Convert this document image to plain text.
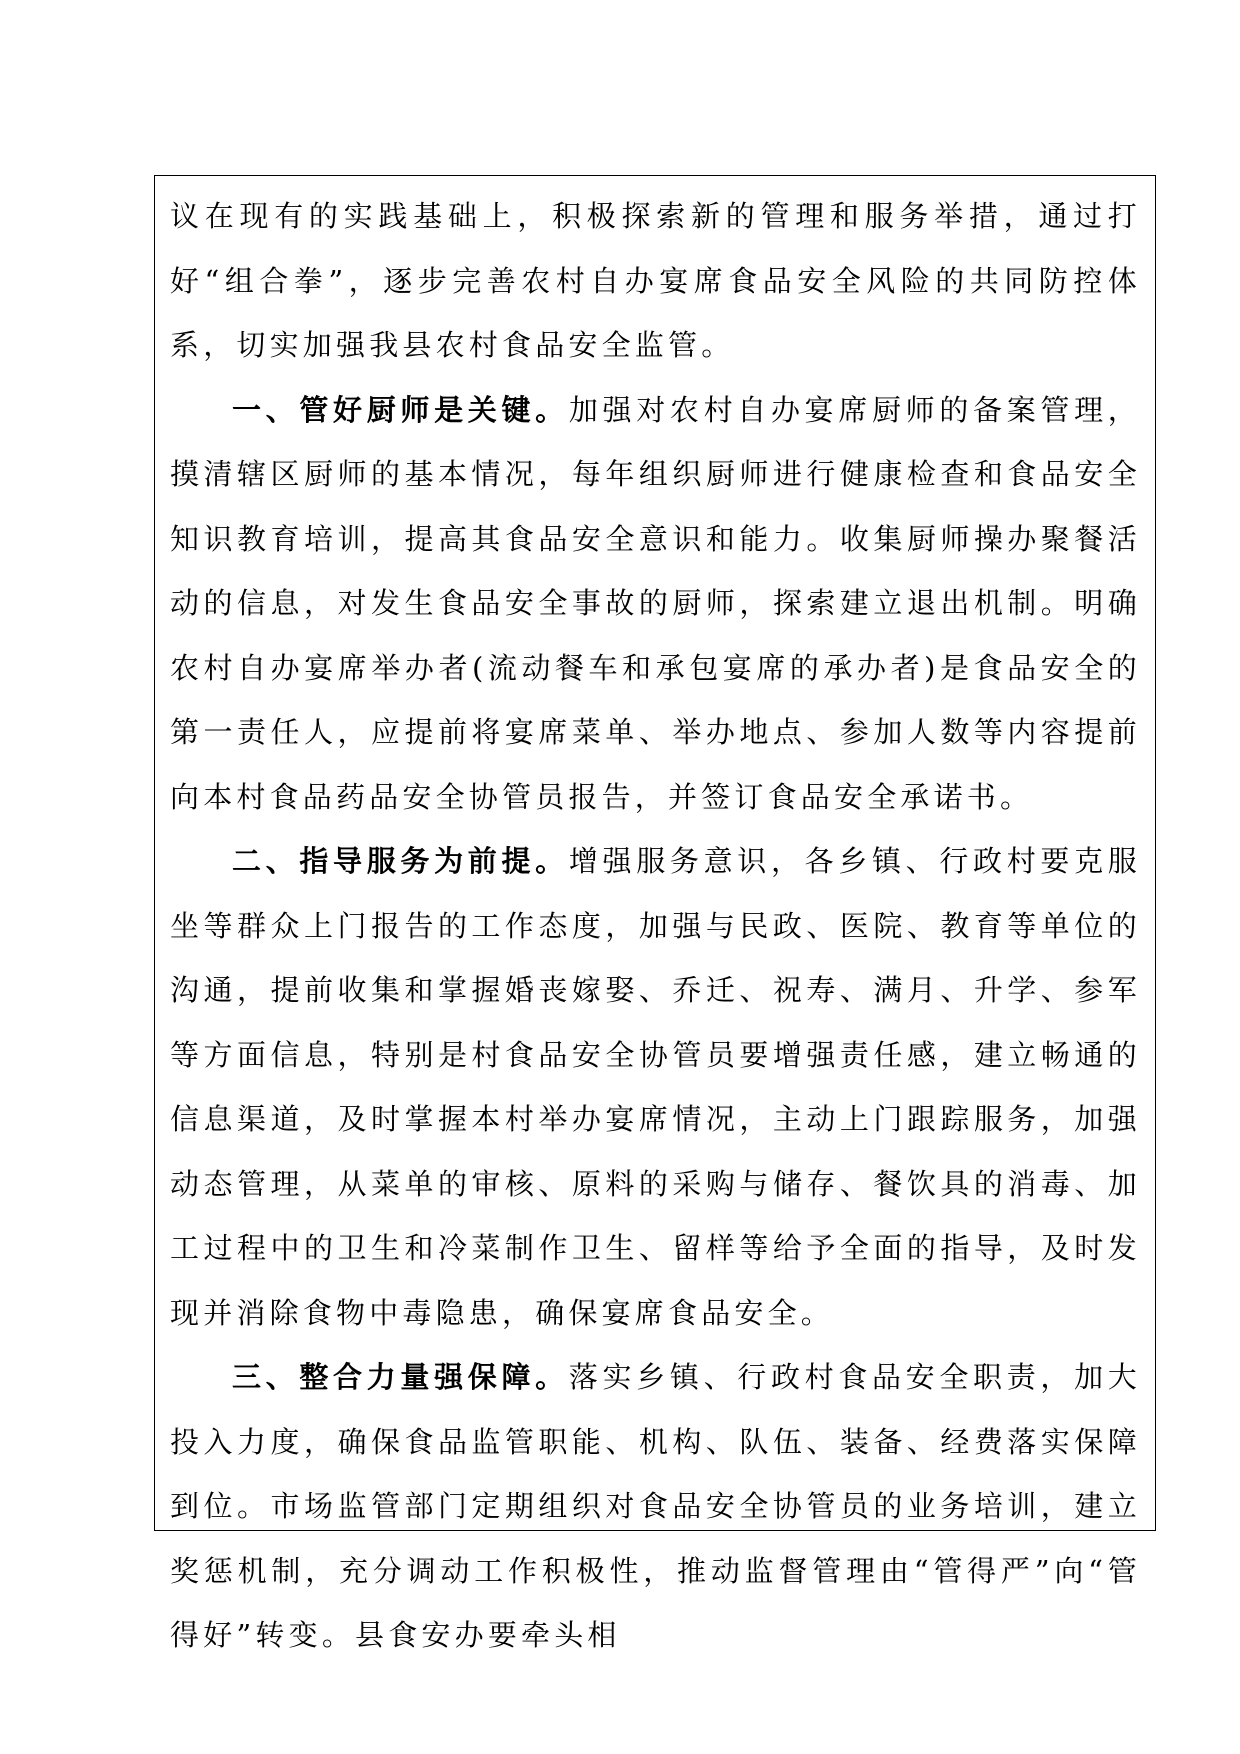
议在现有的实践基础上，积极探索新的管理和服务举措，通过打好“组合拳”，逐步完善农村自办宴席食品安全风险的共同防控体系，切实加强我县农村食品安全监管。

一、管好厨师是关键。加强对农村自办宴席厨师的备案管理，摸清辖区厨师的基本情况，每年组织厨师进行健康检查和食品安全知识教育培训，提高其食品安全意识和能力。收集厨师操办聚餐活动的信息，对发生食品安全事故的厨师，探索建立退出机制。明确农村自办宴席举办者(流动餐车和承包宴席的承办者)是食品安全的第一责任人，应提前将宴席菜单、举办地点、参加人数等内容提前向本村食品药品安全协管员报告，并签订食品安全承诺书。

二、指导服务为前提。增强服务意识，各乡镇、行政村要克服坐等群众上门报告的工作态度，加强与民政、医院、教育等单位的沟通，提前收集和掌握婚丧嫁娶、乔迁、祝寿、满月、升学、参军等方面信息，特别是村食品安全协管员要增强责任感，建立畅通的信息渠道，及时掌握本村举办宴席情况，主动上门跟踪服务，加强动态管理，从菜单的审核、原料的采购与储存、餐饮具的消毒、加工过程中的卫生和冷菜制作卫生、留样等给予全面的指导，及时发现并消除食物中毒隐患，确保宴席食品安全。

三、整合力量强保障。落实乡镇、行政村食品安全职责，加大投入力度，确保食品监管职能、机构、队伍、装备、经费落实保障到位。市场监管部门定期组织对食品安全协管员的业务培训，建立奖惩机制，充分调动工作积极性，推动监督管理由“管得严”向“管得好”转变。县食安办要牵头相
